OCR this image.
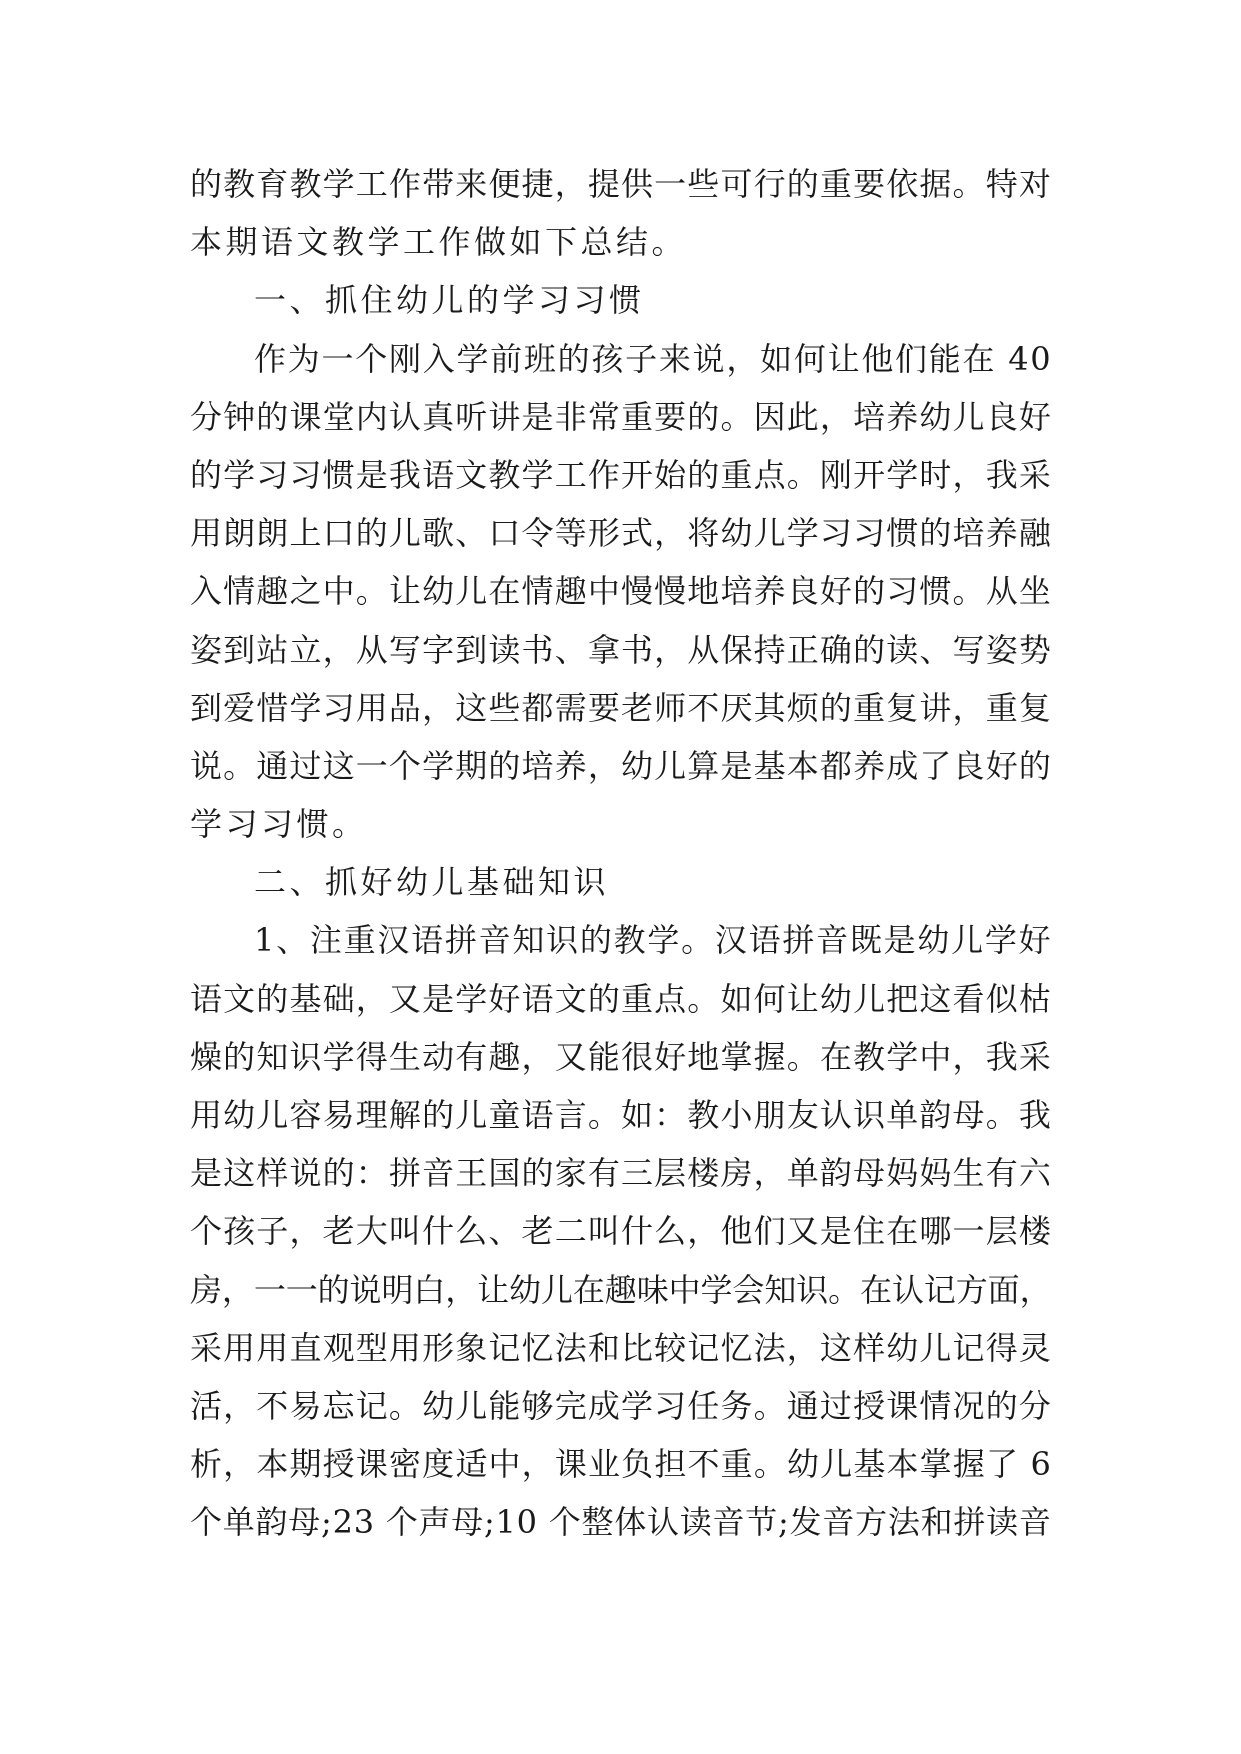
的教育教学工作带来便捷，提供一些可行的重要依据。特对
本期语文教学工作做如下总结。
一、抓住幼儿的学习习惯
作为一个刚入学前班的孩子来说，如何让他们能在 40
分钟的课堂内认真听讲是非常重要的。因此，培养幼儿良好
的学习习惯是我语文教学工作开始的重点。刚开学时，我采
用朗朗上口的儿歌、口令等形式，将幼儿学习习惯的培养融
入情趣之中。让幼儿在情趣中慢慢地培养良好的习惯。从坐
姿到站立，从写字到读书、拿书，从保持正确的读、写姿势
到爱惜学习用品，这些都需要老师不厌其烦的重复讲，重复
说。通过这一个学期的培养，幼儿算是基本都养成了良好的
学习习惯。
二、抓好幼儿基础知识
1、注重汉语拼音知识的教学。汉语拼音既是幼儿学好
语文的基础，又是学好语文的重点。如何让幼儿把这看似枯
燥的知识学得生动有趣，又能很好地掌握。在教学中，我采
用幼儿容易理解的儿童语言。如：教小朋友认识单韵母。我
是这样说的：拼音王国的家有三层楼房，单韵母妈妈生有六
个孩子，老大叫什么、老二叫什么，他们又是住在哪一层楼
房，一一的说明白，让幼儿在趣味中学会知识。在认记方面，
采用用直观型用形象记忆法和比较记忆法，这样幼儿记得灵
活，不易忘记。幼儿能够完成学习任务。通过授课情况的分
析，本期授课密度适中，课业负担不重。幼儿基本掌握了 6
个单韵母;23 个声母;10 个整体认读音节;发音方法和拼读音
